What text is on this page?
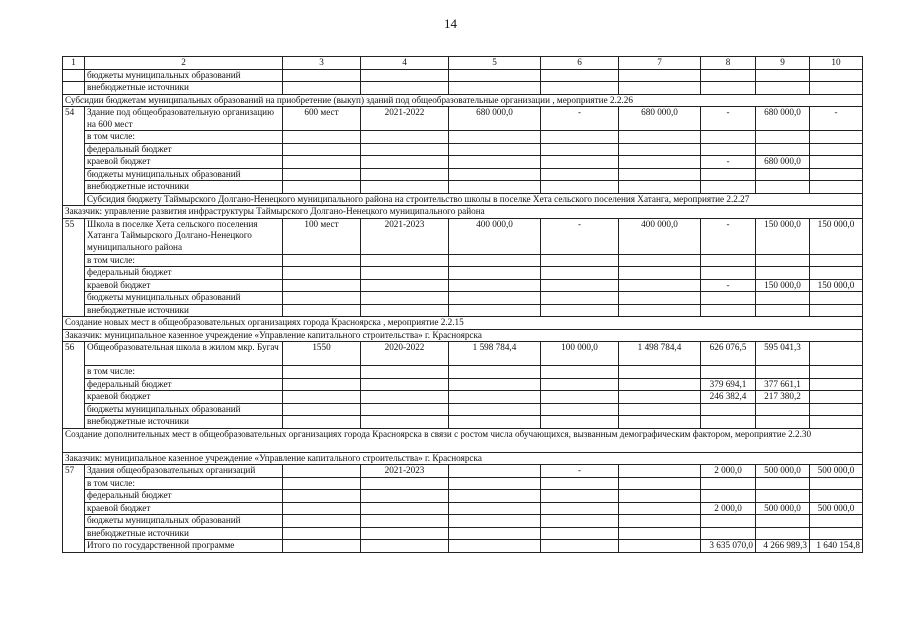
14
1	2	3	4	5	6	7	8	9	10
	бюджеты муниципальных образований								
	внебюджетные источники								
Субсидии бюджетам муниципальных образований на приобретение (выкуп) зданий под общеобразовательные организации , мероприятие 2.2.26									
54	Здание под общеобразовательную организацию на 600 мест	600 мест	2021-2022	680 000,0	-	680 000,0	-	680 000,0	-
	в том числе:								
	федеральный бюджет								
	краевой бюджет						-	680 000,0	
	бюджеты муниципальных образований								
	внебюджетные источники								
	Субсидия бюджету Таймырского Долгано-Ненецкого муниципального района на строительство школы в поселке Хета сельского поселения Хатанга, мероприятие 2.2.27								
Заказчик: управление развития инфраструктуры Таймырского Долгано-Ненецкого муниципального района									
55	Школа в поселке Хета сельского поселения Хатанга Таймырского Долгано-Ненецкого муниципального района	100 мест	2021-2023	400 000,0	-	400 000,0	-	150 000,0	150 000,0
	в том числе:								
	федеральный бюджет								
	краевой бюджет						-	150 000,0	150 000,0
	бюджеты муниципальных образований								
	внебюджетные источники								
Создание новых мест в общеобразовательных организациях города Красноярска , мероприятие 2.2.15									
Заказчик: муниципальное казенное учреждение «Управление капитального строительства» г. Красноярска									
56	Общеобразовательная школа в жилом мкр. Бугач	1550	2020-2022	1 598 784,4	100 000,0	1 498 784,4	626 076,5	595 041,3	
	в том числе:								
	федеральный бюджет						379 694,1	377 661,1	
	краевой бюджет						246 382,4	217 380,2	
	бюджеты муниципальных образований								
	внебюджетные источники								
Создание дополнительных мест в общеобразовательных организациях города Красноярска в связи с ростом числа обучающихся, вызванным демографическим фактором, мероприятие 2.2.30									
Заказчик: муниципальное казенное учреждение «Управление капитального строительства» г. Красноярска									
57	Здания общеобразовательных организаций		2021-2023		-		2 000,0	500 000,0	500 000,0
	в том числе:								
	федеральный бюджет								
	краевой бюджет						2 000,0	500 000,0	500 000,0
	бюджеты муниципальных образований								
	внебюджетные источники								
	Итого по государственной программе						3 635 070,0	4 266 989,3	1 640 154,8
